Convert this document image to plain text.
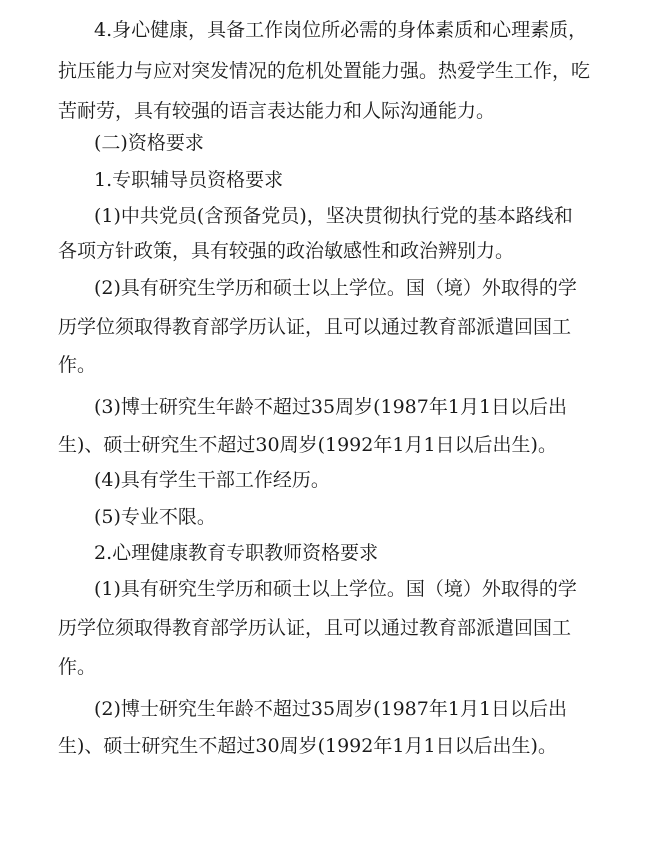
4.身心健康，具备工作岗位所必需的身体素质和心理素质，
抗压能力与应对突发情况的危机处置能力强。热爱学生工作，吃
苦耐劳，具有较强的语言表达能力和人际沟通能力。
(二)资格要求
1.专职辅导员资格要求
(1)中共党员(含预备党员)，坚决贯彻执行党的基本路线和
各项方针政策，具有较强的政治敏感性和政治辨别力。
(2)具有研究生学历和硕士以上学位。国（境）外取得的学
历学位须取得教育部学历认证，且可以通过教育部派遣回国工
作。
(3)博士研究生年龄不超过35周岁(1987年1月1日以后出
生)、硕士研究生不超过30周岁(1992年1月1日以后出生)。
(4)具有学生干部工作经历。
(5)专业不限。
2.心理健康教育专职教师资格要求
(1)具有研究生学历和硕士以上学位。国（境）外取得的学
历学位须取得教育部学历认证，且可以通过教育部派遣回国工
作。
(2)博士研究生年龄不超过35周岁(1987年1月1日以后出
生)、硕士研究生不超过30周岁(1992年1月1日以后出生)。
